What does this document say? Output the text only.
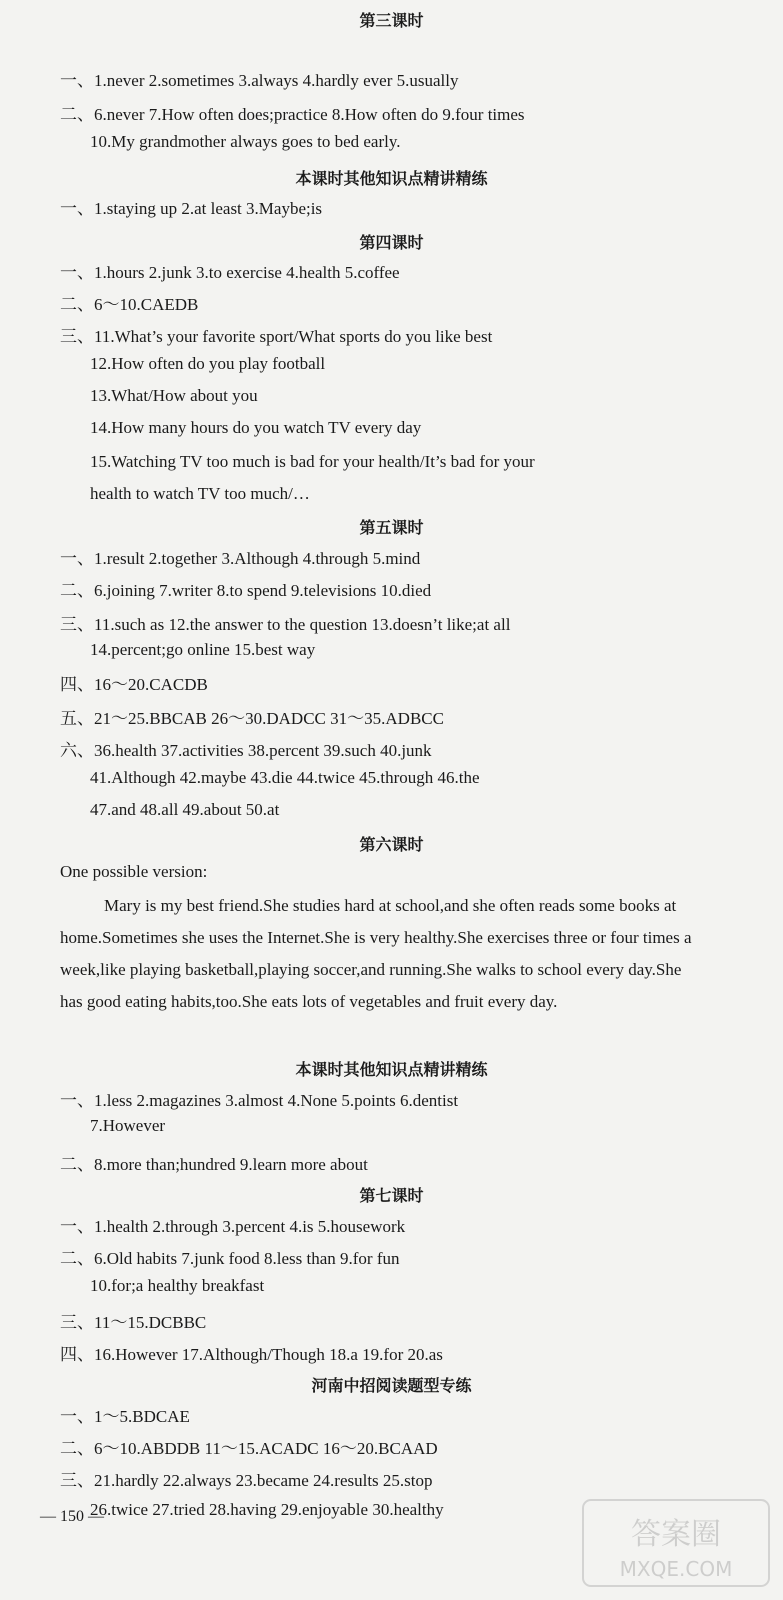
第三课时
本课时其他知识点精讲精练
第四课时
第五课时
第六课时
本课时其他知识点精讲精练
第七课时
河南中招阅读题型专练
一、1.never 2.sometimes 3.always 4.hardly ever 5.usually
二、6.never 7.How often does;practice 8.How often do 9.four times
10.My grandmother always goes to bed early.
一、1.staying up 2.at least 3.Maybe;is
一、1.hours 2.junk 3.to exercise 4.health 5.coffee
二、6～10.CAEDB
三、11.What’s your favorite sport/What sports do you like best
12.How often do you play football
13.What/How about you
14.How many hours do you watch TV every day
15.Watching TV too much is bad for your health/It’s bad for your
health to watch TV too much/…
一、1.result 2.together 3.Although 4.through 5.mind
二、6.joining 7.writer 8.to spend 9.televisions 10.died
三、11.such as 12.the answer to the question 13.doesn’t like;at all
14.percent;go online 15.best way
四、16～20.CACDB
五、21～25.BBCAB 26～30.DADCC 31～35.ADBCC
六、36.health 37.activities 38.percent 39.such 40.junk
41.Although 42.maybe 43.die 44.twice 45.through 46.the
47.and 48.all 49.about 50.at
One possible version:
一、1.less 2.magazines 3.almost 4.None 5.points 6.dentist
7.However
二、8.more than;hundred 9.learn more about
一、1.health 2.through 3.percent 4.is 5.housework
二、6.Old habits 7.junk food 8.less than 9.for fun
10.for;a healthy breakfast
三、11～15.DCBBC
四、16.However 17.Although/Though 18.a 19.for 20.as
一、1～5.BDCAE
二、6～10.ABDDB 11～15.ACADC 16～20.BCAAD
三、21.hardly 22.always 23.became 24.results 25.stop
26.twice 27.tried 28.having 29.enjoyable 30.healthy

Mary is my best friend.She studies hard at school,and she often reads some books at home.Sometimes she uses the Internet.She is very healthy.She exercises three or four times a week,like playing basketball,playing soccer,and running.She walks to school every day.She has good eating habits,too.She eats lots of vegetables and fruit every day.

— 150 —
答案圈
MXQE.COM
